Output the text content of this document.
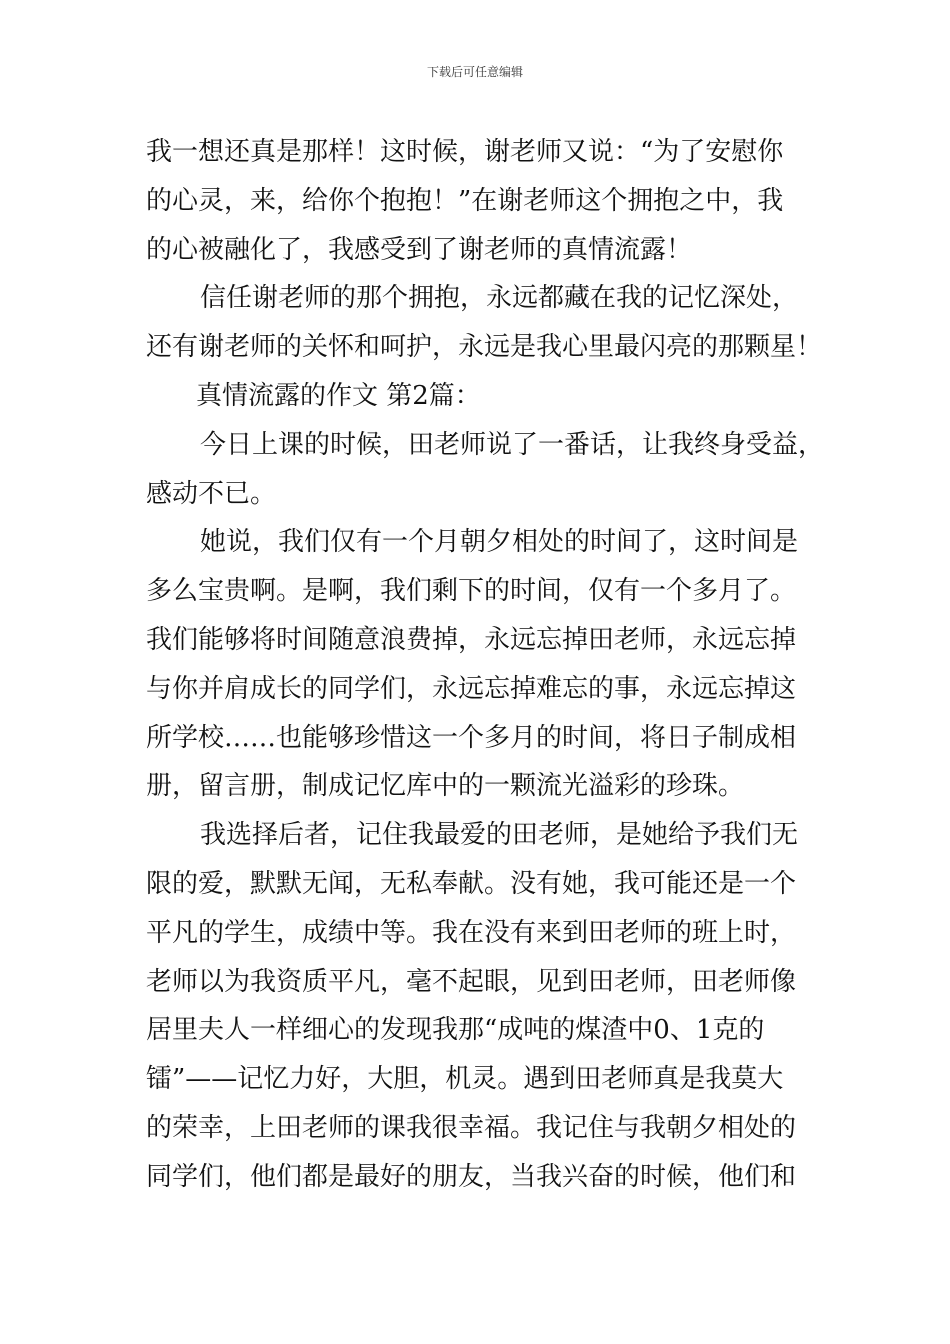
下载后可任意编辑
我一想还真是那样！这时候，谢老师又说：“为了安慰你
的心灵，来，给你个抱抱！”在谢老师这个拥抱之中，我
的心被融化了，我感受到了谢老师的真情流露！
信任谢老师的那个拥抱，永远都藏在我的记忆深处，
还有谢老师的关怀和呵护，永远是我心里最闪亮的那颗星！
真情流露的作文 第2篇：
今日上课的时候，田老师说了一番话，让我终身受益，
感动不已。
她说，我们仅有一个月朝夕相处的时间了，这时间是
多么宝贵啊。是啊，我们剩下的时间，仅有一个多月了。
我们能够将时间随意浪费掉，永远忘掉田老师，永远忘掉
与你并肩成长的同学们，永远忘掉难忘的事，永远忘掉这
所学校……也能够珍惜这一个多月的时间，将日子制成相
册，留言册，制成记忆库中的一颗流光溢彩的珍珠。
我选择后者，记住我最爱的田老师，是她给予我们无
限的爱，默默无闻，无私奉献。没有她，我可能还是一个
平凡的学生，成绩中等。我在没有来到田老师的班上时，
老师以为我资质平凡，毫不起眼，见到田老师，田老师像
居里夫人一样细心的发现我那“成吨的煤渣中0、1克的
镭”——记忆力好，大胆，机灵。遇到田老师真是我莫大
的荣幸，上田老师的课我很幸福。我记住与我朝夕相处的
同学们，他们都是最好的朋友，当我兴奋的时候，他们和
